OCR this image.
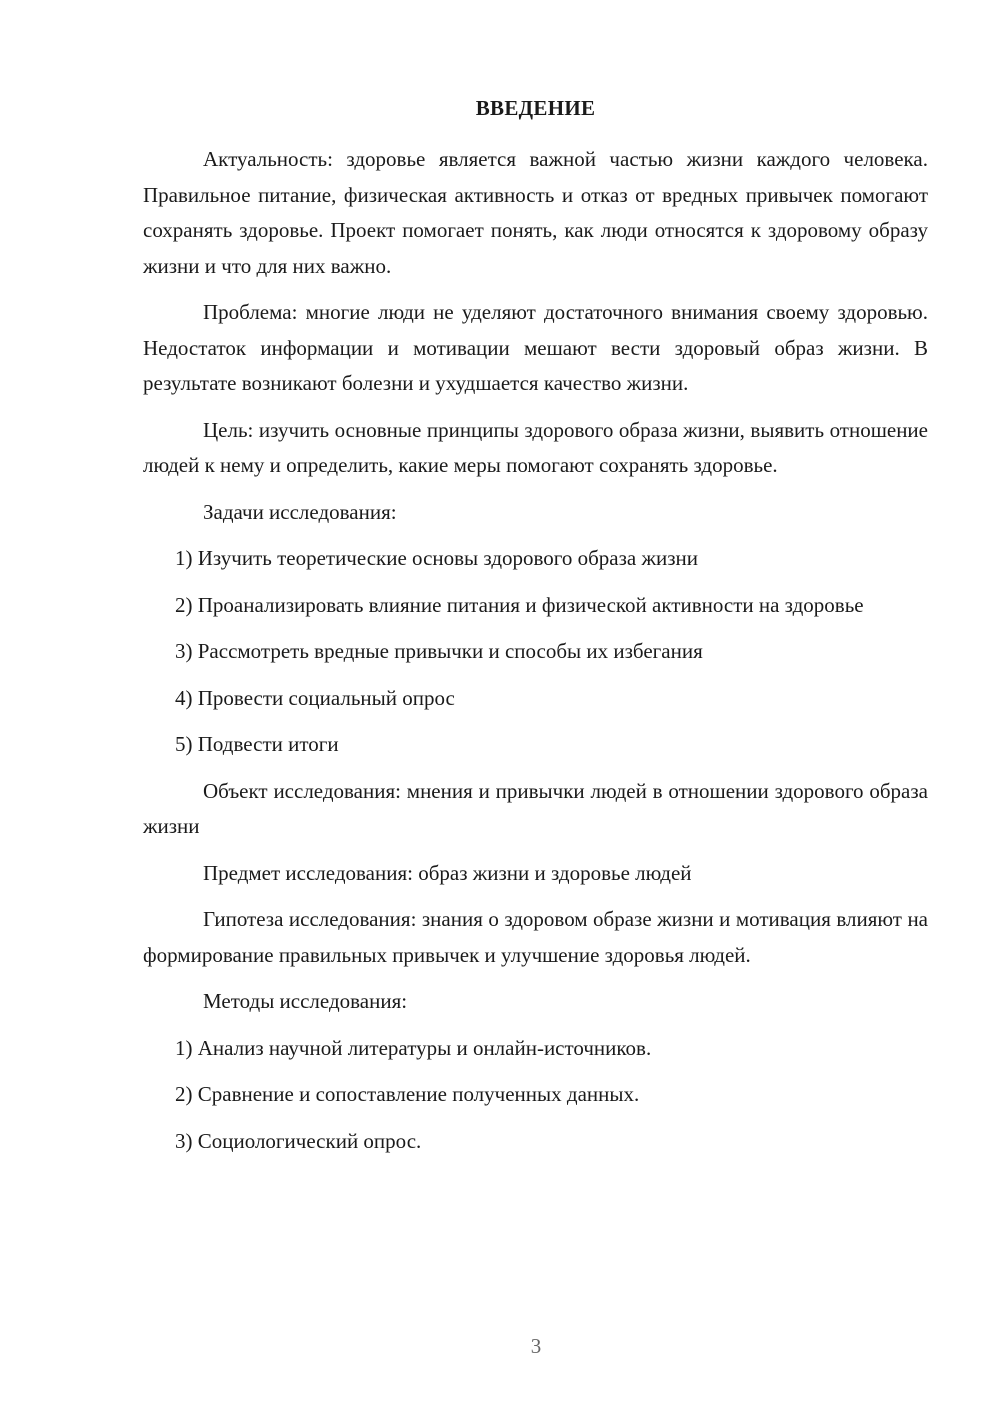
ВВЕДЕНИЕ

Актуальность: здоровье является важной частью жизни каждого человека. Правильное питание, физическая активность и отказ от вредных привычек помогают сохранять здоровье. Проект помогает понять, как люди относятся к здоровому образу жизни и что для них важно.

Проблема: многие люди не уделяют достаточного внимания своему здоровью. Недостаток информации и мотивации мешают вести здоровый образ жизни. В результате возникают болезни и ухудшается качество жизни.

Цель: изучить основные принципы здорового образа жизни, выявить отношение людей к нему и определить, какие меры помогают сохранять здоровье.

Задачи исследования:

1) Изучить теоретические основы здорового образа жизни

2) Проанализировать влияние питания и физической активности на здоровье

3) Рассмотреть вредные привычки и способы их избегания

4) Провести социальный опрос

5) Подвести итоги

Объект исследования: мнения и привычки людей в отношении здорового образа жизни

Предмет исследования: образ жизни и здоровье людей

Гипотеза исследования: знания о здоровом образе жизни и мотивация влияют на формирование правильных привычек и улучшение здоровья людей.

Методы исследования:

1) Анализ научной литературы и онлайн-источников.

2) Сравнение и сопоставление полученных данных.

3) Социологический опрос.

3
